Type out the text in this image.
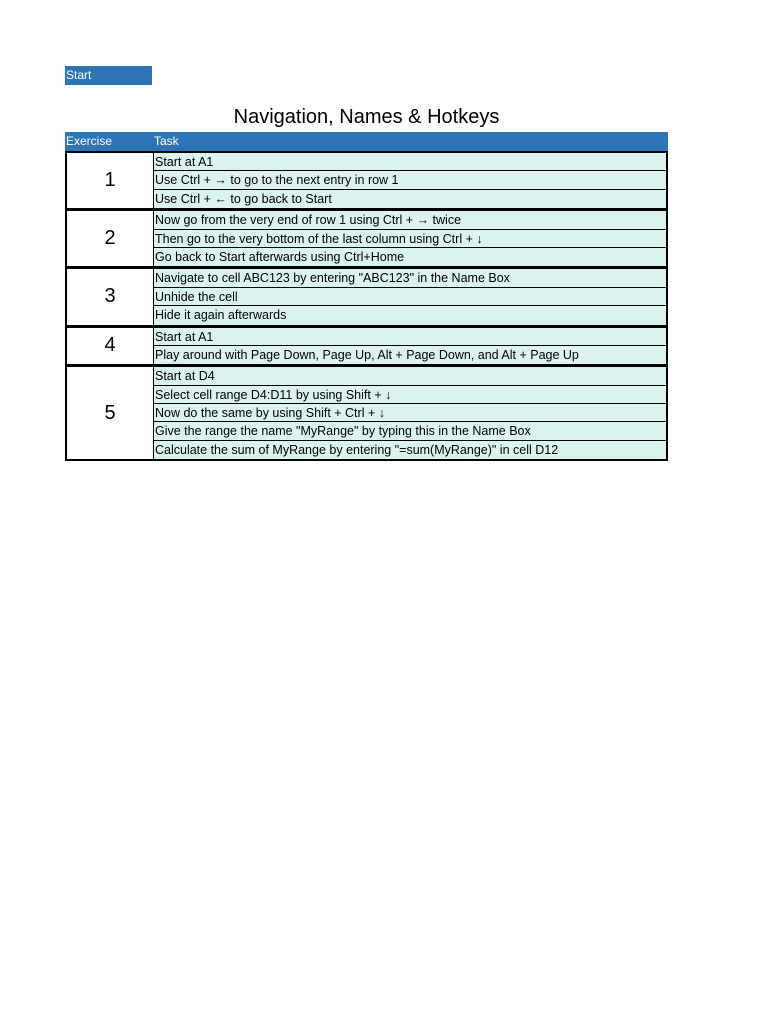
Start
Navigation, Names & Hotkeys
Exercise	Task
1
Start at A1
Use Ctrl + → to go to the next entry in row 1
Use Ctrl + ← to go back to Start
2
Now go from the very end of row 1 using Ctrl + → twice
Then go to the very bottom of the last column using Ctrl + ↓
Go back to Start afterwards using Ctrl+Home
3
Navigate to cell ABC123 by entering "ABC123" in the Name Box
Unhide the cell
Hide it again afterwards
4	Start at A1
Play around with Page Down, Page Up, Alt + Page Down, and Alt + Page Up
5
Start at D4
Select cell range D4:D11 by using Shift + ↓
Now do the same by using Shift + Ctrl + ↓
Give the range the name "MyRange" by typing this in the Name Box
Calculate the sum of MyRange by entering "=sum(MyRange)" in cell D12
